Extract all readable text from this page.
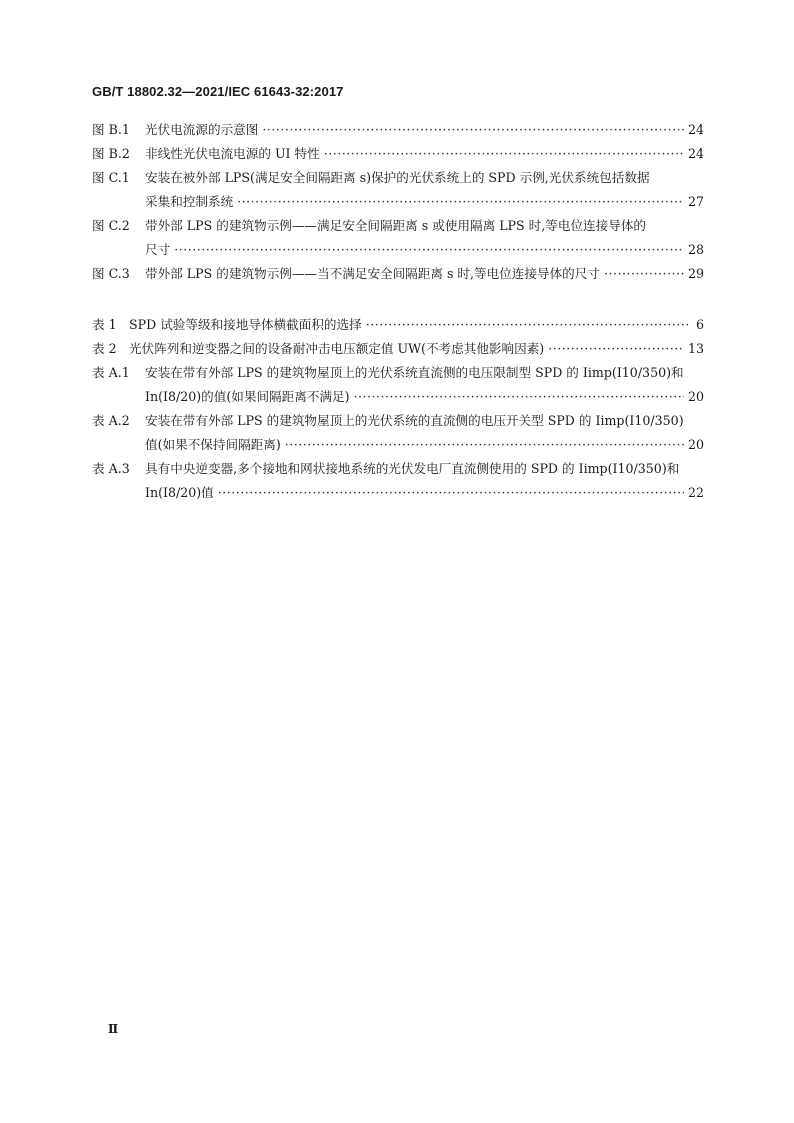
GB/T 18802.32—2021/IEC 61643-32:2017
图 B.1	光伏电流源的示意图 ·····	24
图 B.2	非线性光伏电流电源的 UI 特性 ·····	24
图 C.1	安装在被外部 LPS(满足安全间隔距离 s)保护的光伏系统上的 SPD 示例,光伏系统包括数据
采集和控制系统 ·····	27
图 C.2	带外部 LPS 的建筑物示例——满足安全间隔距离 s 或使用隔离 LPS 时,等电位连接导体的
尺寸 ·····	28
图 C.3	带外部 LPS 的建筑物示例——当不满足安全间隔距离 s 时,等电位连接导体的尺寸 ·····	29
表 1 SPD 试验等级和接地导体横截面积的选择 ·····	6
表 2 光伏阵列和逆变器之间的设备耐冲击电压额定值 UW(不考虑其他影响因素) ·····	13
表 A.1	安装在带有外部 LPS 的建筑物屋顶上的光伏系统直流侧的电压限制型 SPD 的 Iimp(I10/350)和
In(I8/20)的值(如果间隔距离不满足) ·····	20
表 A.2	安装在带有外部 LPS 的建筑物屋顶上的光伏系统的直流侧的电压开关型 SPD 的 Iimp(I10/350)
值(如果不保持间隔距离) ·····	20
表 A.3	具有中央逆变器,多个接地和网状接地系统的光伏发电厂直流侧使用的 SPD 的 Iimp(I10/350)和
In(I8/20)值 ·····	22
Ⅱ
